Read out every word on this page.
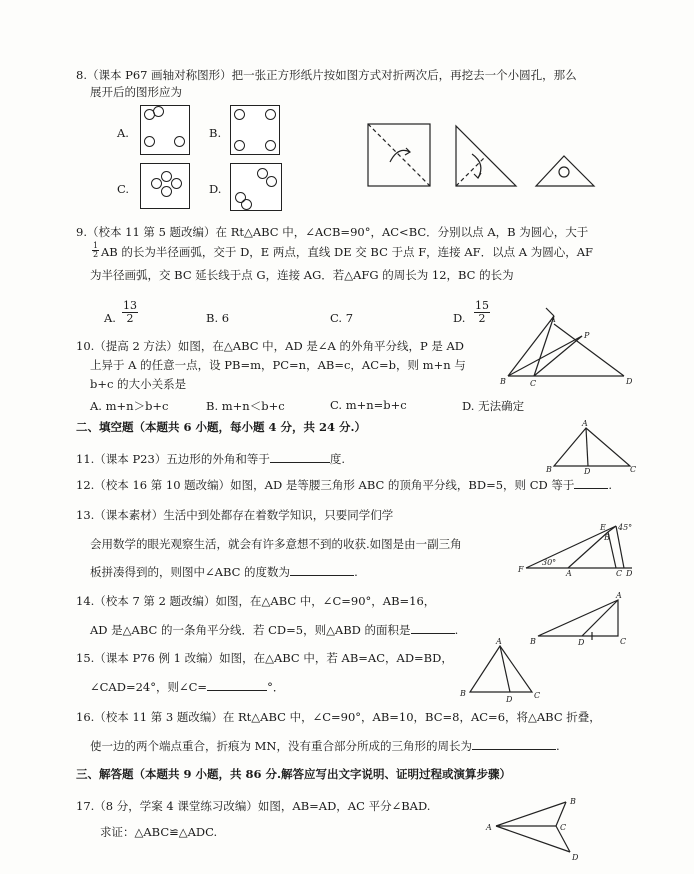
8.（课本 P67 画轴对称图形）把一张正方形纸片按如图方式对折两次后，再挖去一个小圆孔，那么
展开后的图形应为
A.	B.
C.	D.
9.（校本 11 第 5 题改编）在 Rt△ABC 中，∠ACB=90°，AC<BC．分别以点 A，B 为圆心，大于
$\frac{1}{2}$ AB 的长为半径画弧，交于 D，E 两点，直线 DE 交 BC 于点 F，连接 AF．以点 A 为圆心，AF
为半径画弧，交 BC 延长线于点 G，连接 AG．若△AFG 的周长为 12，BC 的长为
A. $\frac{13}{2}$	B. 6	C. 7	D. $\frac{15}{2}$
10.（提高 2 方法）如图，在△ABC 中，AD 是∠A 的外角平分线，P 是 AD
上异于 A 的任意一点，设 PB=m，PC=n，AB=c，AC=b，则 m+n 与
b+c 的大小关系是
A. m+n＞b+c	B. m+n＜b+c	C. m+n=b+c	D. 无法确定
A
P
B	C	D
二、填空题（本题共 6 小题，每小题 4 分，共 24 分.）
11.（课本 P23）五边形的外角和等于	度.
A
B	D	C
12.（校本 16 第 10 题改编）如图，AD 是等腰三角形 ABC 的顶角平分线，BD=5，则 CD 等于	.
13.（课本素材）生活中到处都存在着数学知识，只要同学们学
会用数学的眼光观察生活，就会有许多意想不到的收获.如图是由一副三角
板拼凑得到的，则图中∠ABC 的度数为	.
E
B
45°
30°
F	A	C D
14.（校本 7 第 2 题改编）如图，在△ABC 中，∠C=90°，AB=16，
AD 是△ABC 的一条角平分线．若 CD=5，则△ABD 的面积是	.
A
B	D	C
15.（课本 P76 例 1 改编）如图，在△ABC 中，若 AB=AC，AD=BD，
∠CAD=24°，则∠C=	°．
A
B
D	C
16.（校本 11 第 3 题改编）在 Rt△ABC 中，∠C=90°，AB=10，BC=8，AC=6，将△ABC 折叠，
使一边的两个端点重合，折痕为 MN，没有重合部分所成的三角形的周长为	.
三、解答题（本题共 9 小题，共 86 分.解答应写出文字说明、证明过程或演算步骤）
17.（8 分，学案 4 课堂练习改编）如图，AB=AD，AC 平分∠BAD.
求证：△ABC≌△ADC.
B
A	C
D
